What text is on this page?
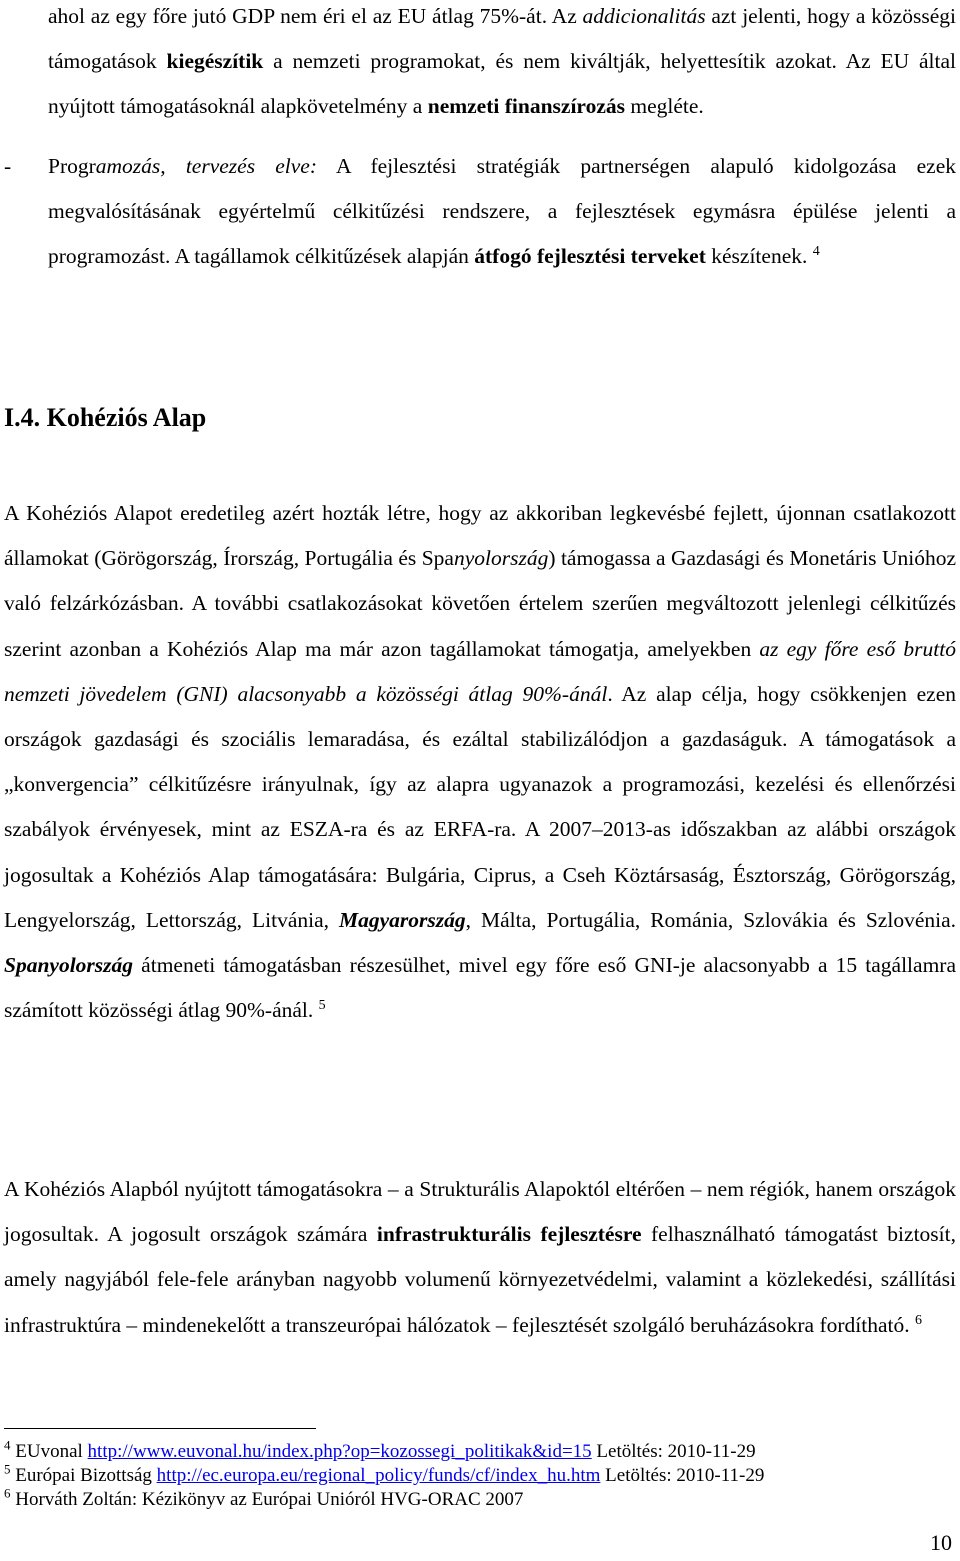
ahol az egy főre jutó GDP nem éri el az EU átlag 75%-át. Az addicionalitás azt jelenti, hogy a közösségi támogatások kiegészítik a nemzeti programokat, és nem kiváltják, helyettesítik azokat. Az EU által nyújtott támogatásoknál alapkövetelmény a nemzeti finanszírozás megléte.
- Programozás, tervezés elve: A fejlesztési stratégiák partnerségen alapuló kidolgozása ezek megvalósításának egyértelmű célkitűzési rendszere, a fejlesztések egymásra épülése jelenti a programozást. A tagállamok célkitűzések alapján átfogó fejlesztési terveket készítenek. $^4$
I.4. Kohéziós Alap

A Kohéziós Alapot eredetileg azért hozták létre, hogy az akkoriban legkevésbé fejlett, újonnan csatlakozott államokat (Görögország, Írország, Portugália és Spanyolország) támogassa a Gazdasági és Monetáris Unióhoz való felzárkózásban. A további csatlakozásokat követően értelem szerűen megváltozott jelenlegi célkitűzés szerint azonban a Kohéziós Alap ma már azon tagállamokat támogatja, amelyekben az egy főre eső bruttó nemzeti jövedelem (GNI) alacsonyabb a közösségi átlag 90%-ánál. Az alap célja, hogy csökkenjen ezen országok gazdasági és szociális lemaradása, és ezáltal stabilizálódjon a gazdaságuk. A támogatások a „konvergencia” célkitűzésre irányulnak, így az alapra ugyanazok a programozási, kezelési és ellenőrzési szabályok érvényesek, mint az ESZA-ra és az ERFA-ra. A 2007–2013-as időszakban az alábbi országok jogosultak a Kohéziós Alap támogatására: Bulgária, Ciprus, a Cseh Köztársaság, Észtország, Görögország, Lengyelország, Lettország, Litvánia, Magyarország, Málta, Portugália, Románia, Szlovákia és Szlovénia. Spanyolország átmeneti támogatásban részesülhet, mivel egy főre eső GNI-je alacsonyabb a 15 tagállamra számított közösségi átlag 90%-ánál. $^5$

A Kohéziós Alapból nyújtott támogatásokra – a Strukturális Alapoktól eltérően – nem régiók, hanem országok jogosultak. A jogosult országok számára infrastrukturális fejlesztésre felhasználható támogatást biztosít, amely nagyjából fele-fele arányban nagyobb volumenű környezetvédelmi, valamint a közlekedési, szállítási infrastruktúra – mindenekelőtt a transzeurópai hálózatok – fejlesztését szolgáló beruházásokra fordítható. $^6$

$^4$ EUvonal http://www.euvonal.hu/index.php?op=kozossegi_politikak&id=15 Letöltés: 2010-11-29
$^5$ Európai Bizottság http://ec.europa.eu/regional_policy/funds/cf/index_hu.htm Letöltés: 2010-11-29
$^6$ Horváth Zoltán: Kézikönyv az Európai Unióról HVG-ORAC 2007
10
